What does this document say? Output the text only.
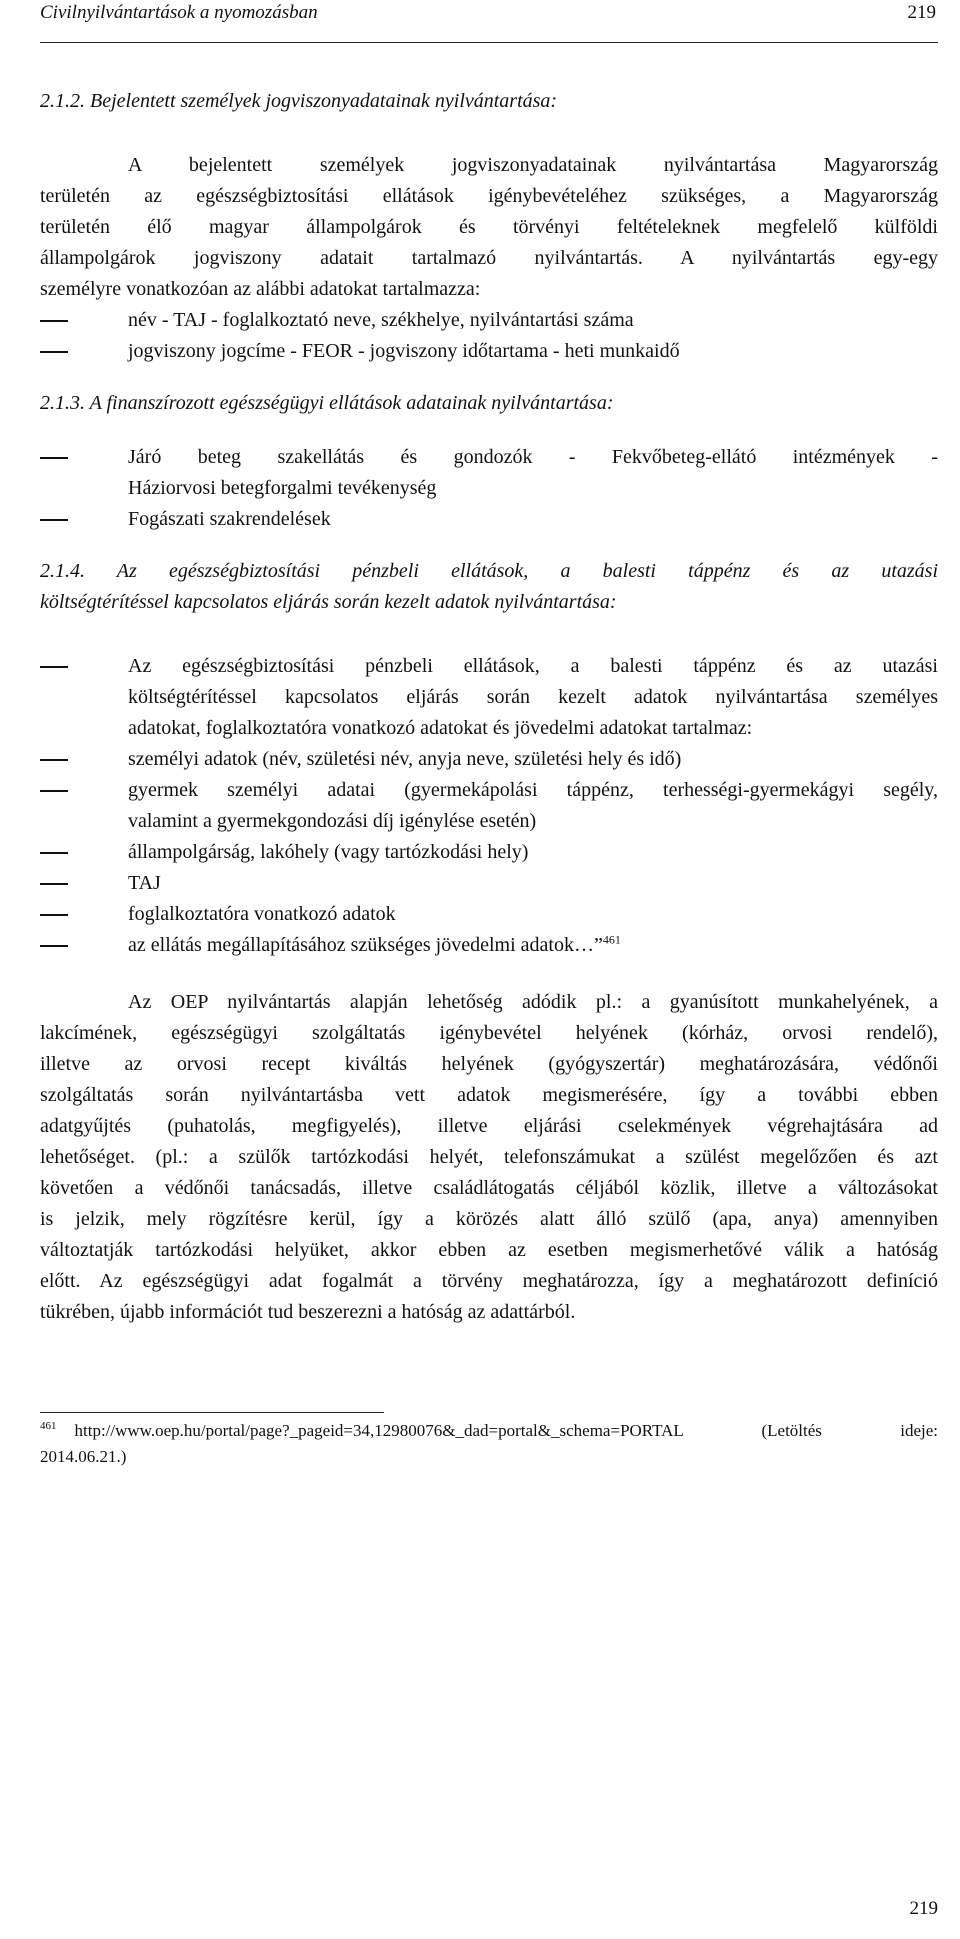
Civilnyilvántartások a nyomozásban	219
2.1.2. Bejelentett személyek jogviszonyadatainak nyilvántartása:

A bejelentett személyek jogviszonyadatainak nyilvántartása Magyarország

területén az egészségbiztosítási ellátások igénybevételéhez szükséges, a Magyarország

területén élő magyar állampolgárok és törvényi feltételeknek megfelelő külföldi

állampolgárok jogviszony adatait tartalmazó nyilvántartás. A nyilvántartás egy-egy

személyre vonatkozóan az alábbi adatokat tartalmazza:

név - TAJ - foglalkoztató neve, székhelye, nyilvántartási száma
jogviszony jogcíme - FEOR - jogviszony időtartama - heti munkaidő
2.1.3. A finanszírozott egészségügyi ellátások adatainak nyilvántartása:

Járó beteg szakellátás és gondozók - Fekvőbeteg-ellátó intézmények -

Háziorvosi betegforgalmi tevékenység

Fogászati szakrendelések

2.1.4. Az egészségbiztosítási pénzbeli ellátások, a balesti táppénz és az utazási

költségtérítéssel kapcsolatos eljárás során kezelt adatok nyilvántartása:

Az egészségbiztosítási pénzbeli ellátások, a balesti táppénz és az utazási

költségtérítéssel kapcsolatos eljárás során kezelt adatok nyilvántartása személyes

adatokat, foglalkoztatóra vonatkozó adatokat és jövedelmi adatokat tartalmaz:

személyi adatok (név, születési név, anyja neve, születési hely és idő)

gyermek személyi adatai (gyermekápolási táppénz, terhességi-gyermekágyi segély,

valamint a gyermekgondozási díj igénylése esetén)

állampolgárság, lakóhely (vagy tartózkodási hely)

TAJ

foglalkoztatóra vonatkozó adatok

az ellátás megállapításához szükséges jövedelmi adatok…”$^{461}$

Az OEP nyilvántartás alapján lehetőség adódik pl.: a gyanúsított munkahelyének, a

lakcímének, egészségügyi szolgáltatás igénybevétel helyének (kórház, orvosi rendelő),

illetve az orvosi recept kiváltás helyének (gyógyszertár) meghatározására, védőnői

szolgáltatás során nyilvántartásba vett adatok megismerésére, így a további ebben

adatgyűjtés (puhatolás, megfigyelés), illetve eljárási cselekmények végrehajtására ad

lehetőséget. (pl.: a szülők tartózkodási helyét, telefonszámukat a szülést megelőzően és azt

követően a védőnői tanácsadás, illetve családlátogatás céljából közlik, illetve a változásokat

is jelzik, mely rögzítésre kerül, így a körözés alatt álló szülő (apa, anya) amennyiben

változtatják tartózkodási helyüket, akkor ebben az esetben megismerhetővé válik a hatóság

előtt. Az egészségügyi adat fogalmát a törvény meghatározza, így a meghatározott definíció

tükrében, újabb információt tud beszerezni a hatóság az adattárból.

$^{461}$ http://www.oep.hu/portal/page?_pageid=34,12980076&_dad=portal&_schema=PORTAL (Letöltés ideje:

2014.06.21.)

219
